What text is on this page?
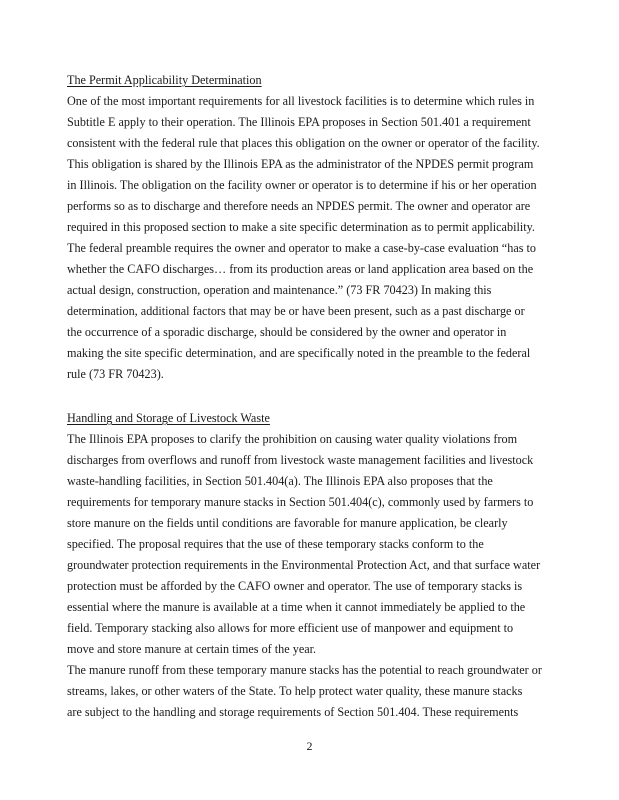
The Permit Applicability Determination
One of the most important requirements for all livestock facilities is to determine which rules in
Subtitle E apply to their operation. The Illinois EPA proposes in Section 501.401 a requirement
consistent with the federal rule that places this obligation on the owner or operator of the facility.
This obligation is shared by the Illinois EPA as the administrator of the NPDES permit program
in Illinois. The obligation on the facility owner or operator is to determine if his or her operation
performs so as to discharge and therefore needs an NPDES permit. The owner and operator are
required in this proposed section to make a site specific determination as to permit applicability.
The federal preamble requires the owner and operator to make a case-by-case evaluation “has to
whether the CAFO discharges… from its production areas or land application area based on the
actual design, construction, operation and maintenance.” (73 FR 70423) In making this
determination, additional factors that may be or have been present, such as a past discharge or
the occurrence of a sporadic discharge, should be considered by the owner and operator in
making the site specific determination, and are specifically noted in the preamble to the federal
rule (73 FR 70423).
Handling and Storage of Livestock Waste
The Illinois EPA proposes to clarify the prohibition on causing water quality violations from
discharges from overflows and runoff from livestock waste management facilities and livestock
waste-handling facilities, in Section 501.404(a). The Illinois EPA also proposes that the
requirements for temporary manure stacks in Section 501.404(c), commonly used by farmers to
store manure on the fields until conditions are favorable for manure application, be clearly
specified. The proposal requires that the use of these temporary stacks conform to the
groundwater protection requirements in the Environmental Protection Act, and that surface water
protection must be afforded by the CAFO owner and operator. The use of temporary stacks is
essential where the manure is available at a time when it cannot immediately be applied to the
field. Temporary stacking also allows for more efficient use of manpower and equipment to
move and store manure at certain times of the year.
The manure runoff from these temporary manure stacks has the potential to reach groundwater or
streams, lakes, or other waters of the State. To help protect water quality, these manure stacks
are subject to the handling and storage requirements of Section 501.404. These requirements
2
